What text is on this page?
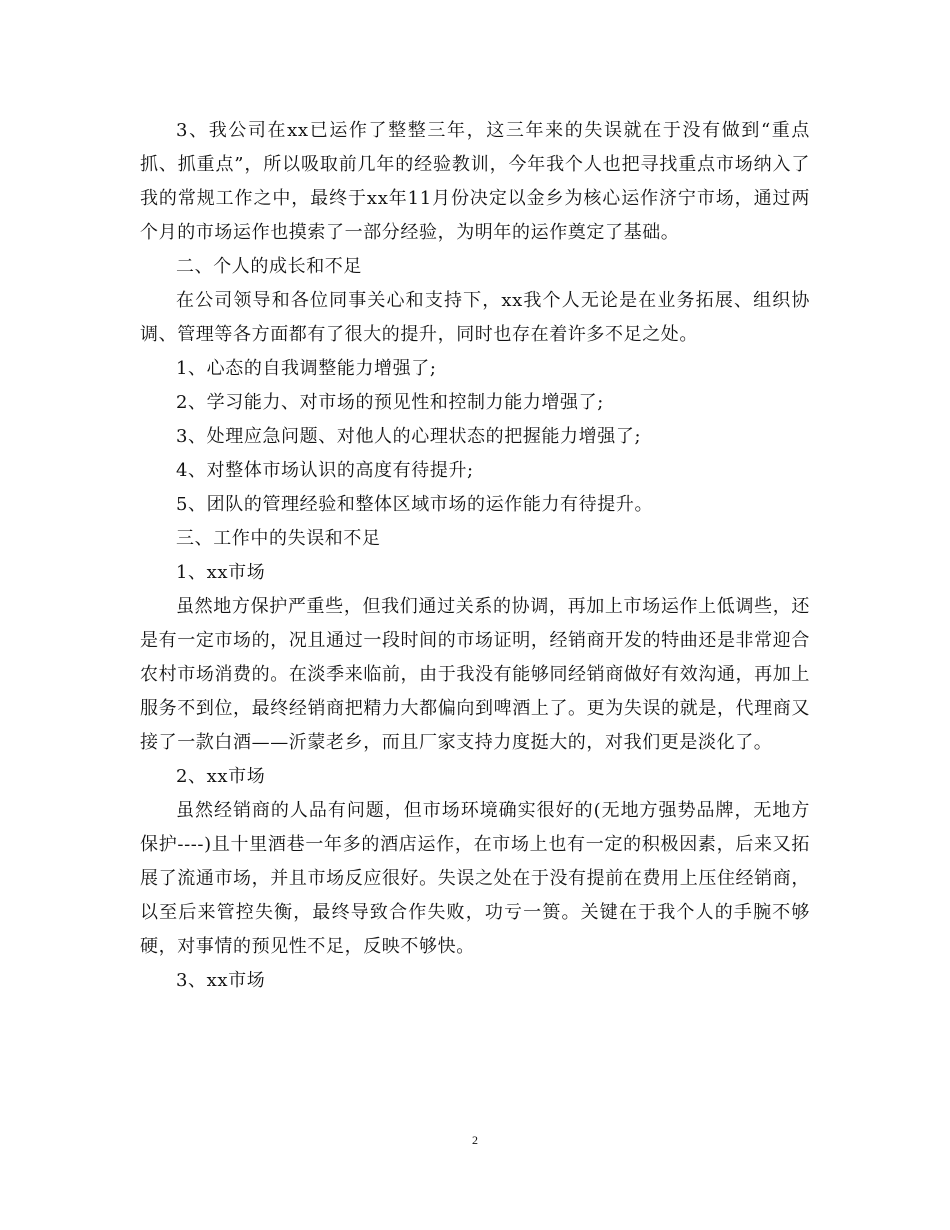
3、我公司在xx已运作了整整三年，这三年来的失误就在于没有做到“重点抓、抓重点”，所以吸取前几年的经验教训，今年我个人也把寻找重点市场纳入了我的常规工作之中，最终于xx年11月份决定以金乡为核心运作济宁市场，通过两个月的市场运作也摸索了一部分经验，为明年的运作奠定了基础。

二、个人的成长和不足

在公司领导和各位同事关心和支持下，xx我个人无论是在业务拓展、组织协调、管理等各方面都有了很大的提升，同时也存在着许多不足之处。

1、心态的自我调整能力增强了;

2、学习能力、对市场的预见性和控制力能力增强了;

3、处理应急问题、对他人的心理状态的把握能力增强了;

4、对整体市场认识的高度有待提升;

5、团队的管理经验和整体区域市场的运作能力有待提升。

三、工作中的失误和不足

1、xx市场

虽然地方保护严重些，但我们通过关系的协调，再加上市场运作上低调些，还是有一定市场的，况且通过一段时间的市场证明，经销商开发的特曲还是非常迎合农村市场消费的。在淡季来临前，由于我没有能够同经销商做好有效沟通，再加上服务不到位，最终经销商把精力大都偏向到啤酒上了。更为失误的就是，代理商又接了一款白酒——沂蒙老乡，而且厂家支持力度挺大的，对我们更是淡化了。

2、xx市场

虽然经销商的人品有问题，但市场环境确实很好的(无地方强势品牌，无地方保护----)且十里酒巷一年多的酒店运作，在市场上也有一定的积极因素，后来又拓展了流通市场，并且市场反应很好。失误之处在于没有提前在费用上压住经销商，以至后来管控失衡，最终导致合作失败，功亏一篑。关键在于我个人的手腕不够硬，对事情的预见性不足，反映不够快。

3、xx市场

2
